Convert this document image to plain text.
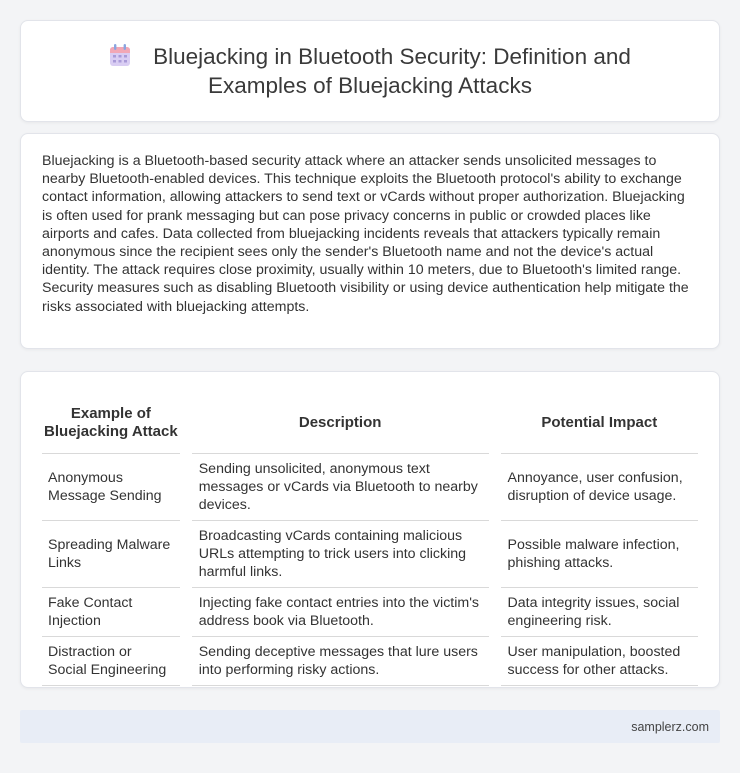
Bluejacking in Bluetooth Security: Definition and
Examples of Bluejacking Attacks

Bluejacking is a Bluetooth-based security attack where an attacker sends unsolicited messages to nearby Bluetooth-enabled devices. This technique exploits the Bluetooth protocol's ability to exchange contact information, allowing attackers to send text or vCards without proper authorization. Bluejacking is often used for prank messaging but can pose privacy concerns in public or crowded places like airports and cafes. Data collected from bluejacking incidents reveals that attackers typically remain anonymous since the recipient sees only the sender's Bluetooth name and not the device's actual identity. The attack requires close proximity, usually within 10 meters, due to Bluetooth's limited range. Security measures such as disabling Bluetooth visibility or using device authentication help mitigate the risks associated with bluejacking attempts.

Example of Bluejacking Attack		Description		Potential Impact
Anonymous Message Sending		Sending unsolicited, anonymous text messages or vCards via Bluetooth to nearby devices.		Annoyance, user confusion, disruption of device usage.
Spreading Malware Links		Broadcasting vCards containing malicious URLs attempting to trick users into clicking harmful links.		Possible malware infection, phishing attacks.
Fake Contact Injection		Injecting fake contact entries into the victim's address book via Bluetooth.		Data integrity issues, social engineering risk.
Distraction or Social Engineering		Sending deceptive messages that lure users into performing risky actions.		User manipulation, boosted success for other attacks.
samplerz.com
